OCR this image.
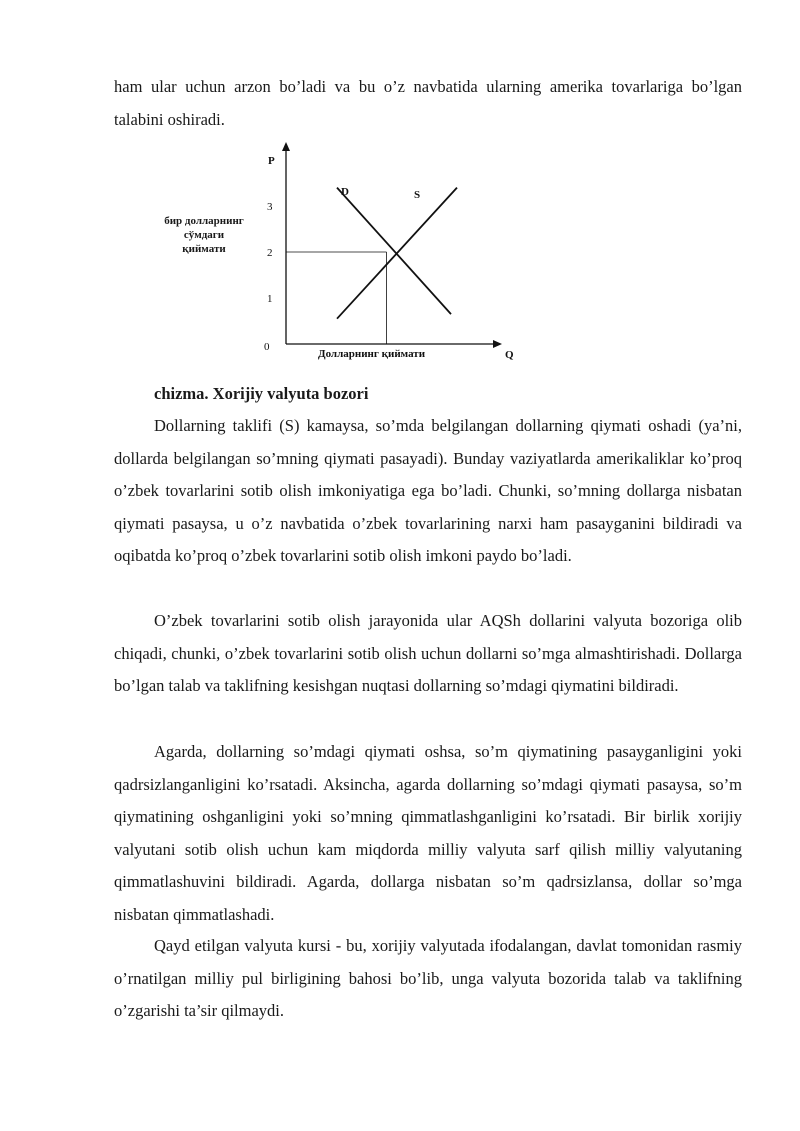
ham ular uchun arzon bo’ladi va bu o’z navbatida ularning amerika tovarlariga bo’lgan talabini oshiradi.

бир долларнинг
сўмдаги
қиймати
P
Q
0
Долларнинг қиймати
1
2
3
D	S

chizma. Xorijiy valyuta bozori

Dollarning taklifi (S) kamaysa, so’mda belgilangan dollarning qiymati oshadi (ya’ni, dollarda belgilangan so’mning qiymati pasayadi). Bunday vaziyatlarda amerikaliklar ko’proq o’zbek tovarlarini sotib olish imkoniyatiga ega bo’ladi. Chunki, so’mning dollarga nisbatan qiymati pasaysa, u o’z navbatida o’zbek tovarlarining narxi ham pasayganini bildiradi va oqibatda ko’proq o’zbek tovarlarini sotib olish imkoni paydo bo’ladi.

O’zbek tovarlarini sotib olish jarayonida ular AQSh dollarini valyuta bozoriga olib chiqadi, chunki, o’zbek tovarlarini sotib olish uchun dollarni so’mga almashtirishadi. Dollarga bo’lgan talab va taklifning kesishgan nuqtasi dollarning so’mdagi qiymatini bildiradi.

Agarda, dollarning so’mdagi qiymati oshsa, so’m qiymatining pasayganligini yoki qadrsizlanganligini ko’rsatadi. Aksincha, agarda dollarning so’mdagi qiymati pasaysa, so’m qiymatining oshganligini yoki so’mning qimmatlashganligini ko’rsatadi. Bir birlik xorijiy valyutani sotib olish uchun kam miqdorda milliy valyuta sarf qilish milliy valyutaning qimmatlashuvini bildiradi. Agarda, dollarga nisbatan so’m qadrsizlansa, dollar so’mga nisbatan qimmatlashadi.

Qayd etilgan valyuta kursi - bu, xorijiy valyutada ifodalangan, davlat tomonidan rasmiy o’rnatilgan milliy pul birligining bahosi bo’lib, unga valyuta bozorida talab va taklifning o’zgarishi ta’sir qilmaydi.
